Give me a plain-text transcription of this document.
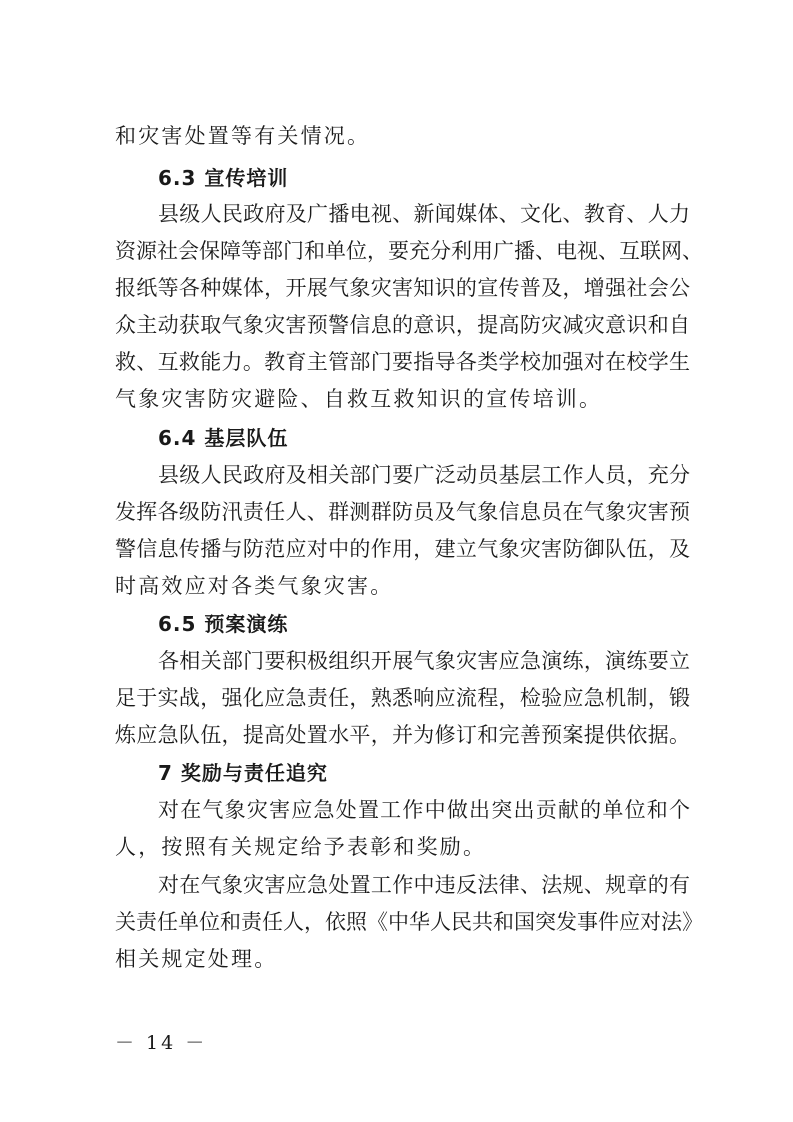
和灾害处置等有关情况。
6.3 宣传培训
县级人民政府及广播电视、新闻媒体、文化、教育、人力
资源社会保障等部门和单位，要充分利用广播、电视、互联网、
报纸等各种媒体，开展气象灾害知识的宣传普及，增强社会公
众主动获取气象灾害预警信息的意识，提高防灾减灾意识和自
救、互救能力。教育主管部门要指导各类学校加强对在校学生
气象灾害防灾避险、自救互救知识的宣传培训。
6.4 基层队伍
县级人民政府及相关部门要广泛动员基层工作人员，充分
发挥各级防汛责任人、群测群防员及气象信息员在气象灾害预
警信息传播与防范应对中的作用，建立气象灾害防御队伍，及
时高效应对各类气象灾害。
6.5 预案演练
各相关部门要积极组织开展气象灾害应急演练，演练要立
足于实战，强化应急责任，熟悉响应流程，检验应急机制，锻
炼应急队伍，提高处置水平，并为修订和完善预案提供依据。
7 奖励与责任追究
对在气象灾害应急处置工作中做出突出贡献的单位和个
人，按照有关规定给予表彰和奖励。
对在气象灾害应急处置工作中违反法律、法规、规章的有
关责任单位和责任人，依照《中华人民共和国突发事件应对法》
相关规定处理。
－ 14 －
